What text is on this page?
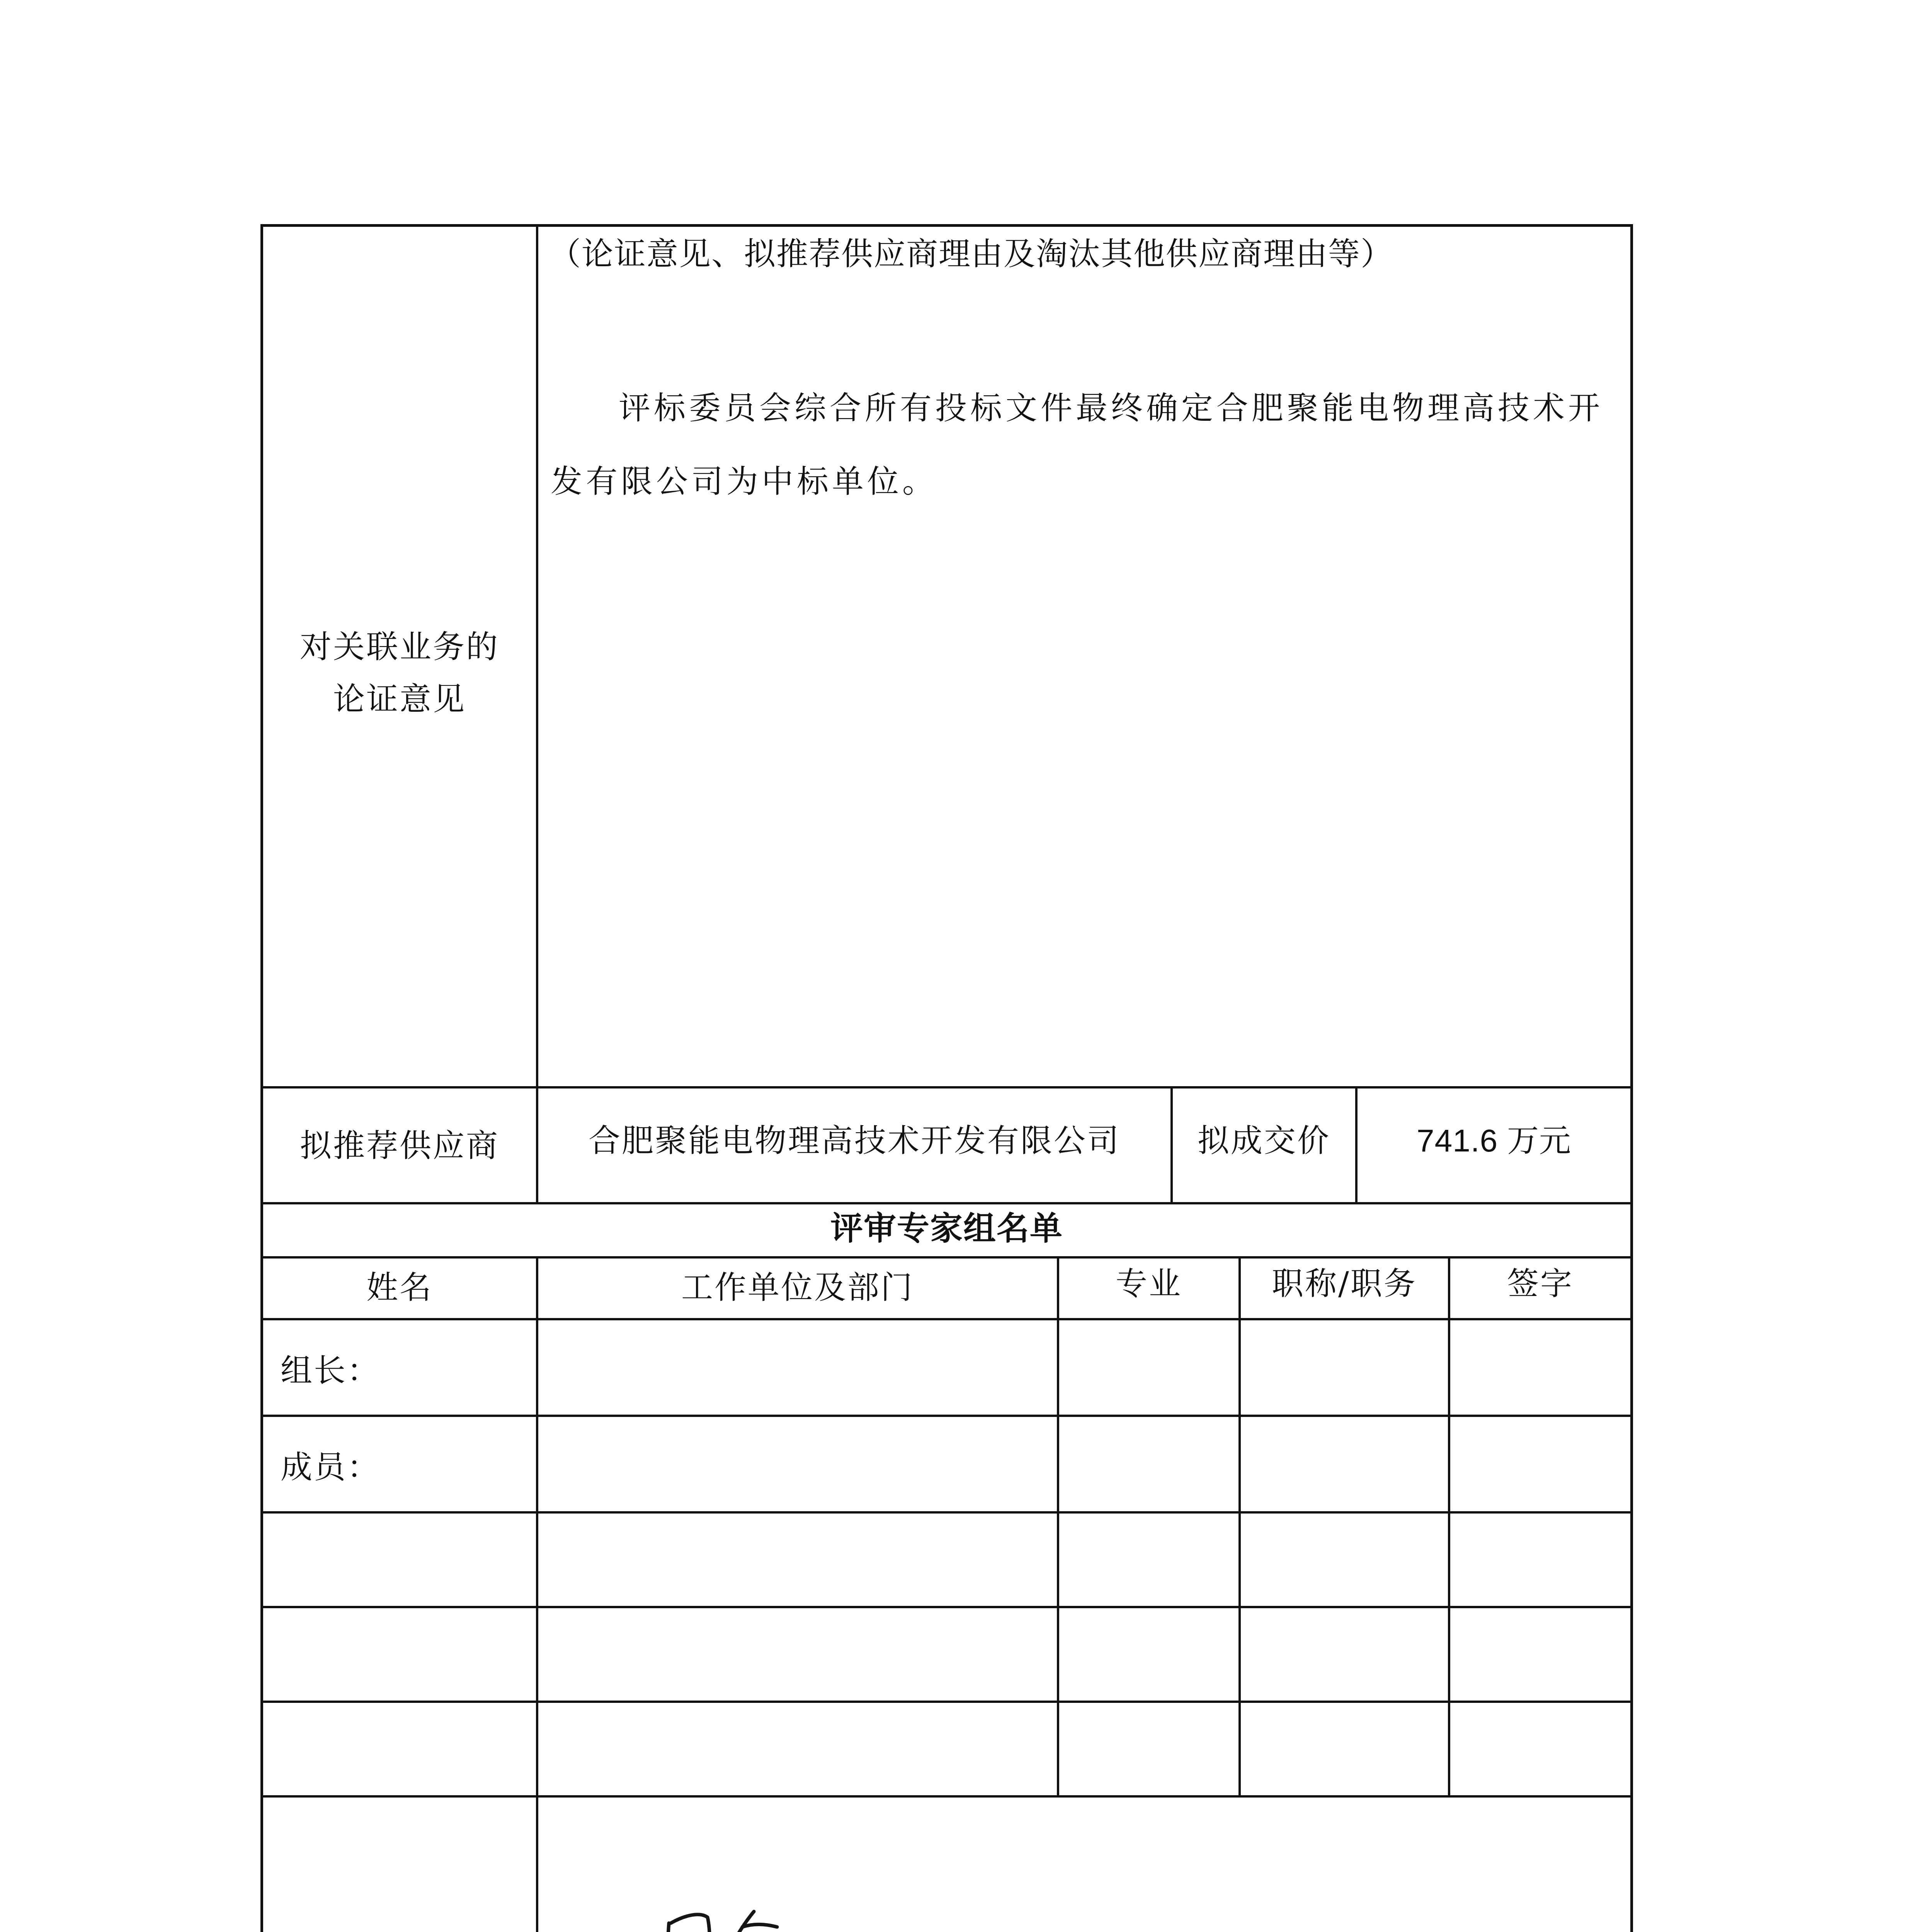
对关联业务的
论证意见
（论证意见、拟推荐供应商理由及淘汰其他供应商理由等）
评标委员会综合所有投标文件最终确定合肥聚能电物理高技术开发有限公司为中标单位。
拟推荐供应商	合肥聚能电物理高技术开发有限公司	拟成交价	741.6 万元
评审专家组名单
姓名	工作单位及部门	专业	职称/职务	签字
组长：
成员：
